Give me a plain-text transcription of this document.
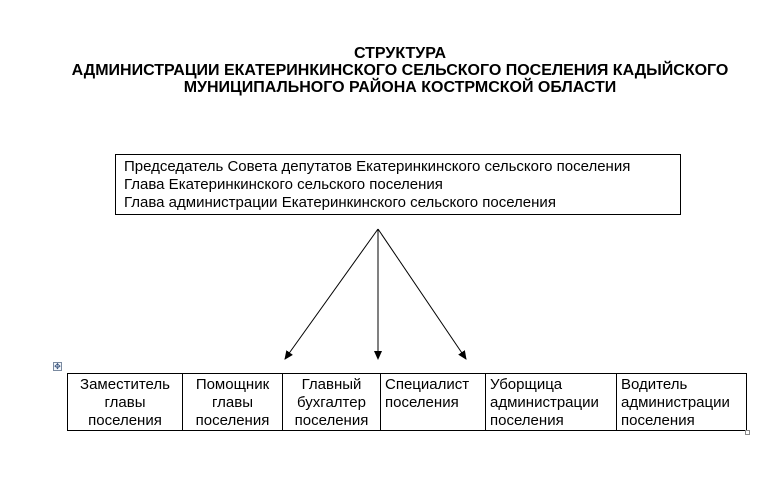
СТРУКТУРА
АДМИНИСТРАЦИИ ЕКАТЕРИНКИНСКОГО СЕЛЬСКОГО ПОСЕЛЕНИЯ КАДЫЙСКОГО
МУНИЦИПАЛЬНОГО РАЙОНА КОСТРМСКОЙ ОБЛАСТИ
Председатель Совета депутатов Екатеринкинского сельского поселения
Глава Екатеринкинского сельского поселения
Глава администрации Екатеринкинского сельского поселения
✥
Заместитель
главы
поселения

Помощник
главы
поселения

Главный
бухгалтер
поселения

Специалист
поселения

Уборщица
администрации
поселения

Водитель
администрации
поселения
